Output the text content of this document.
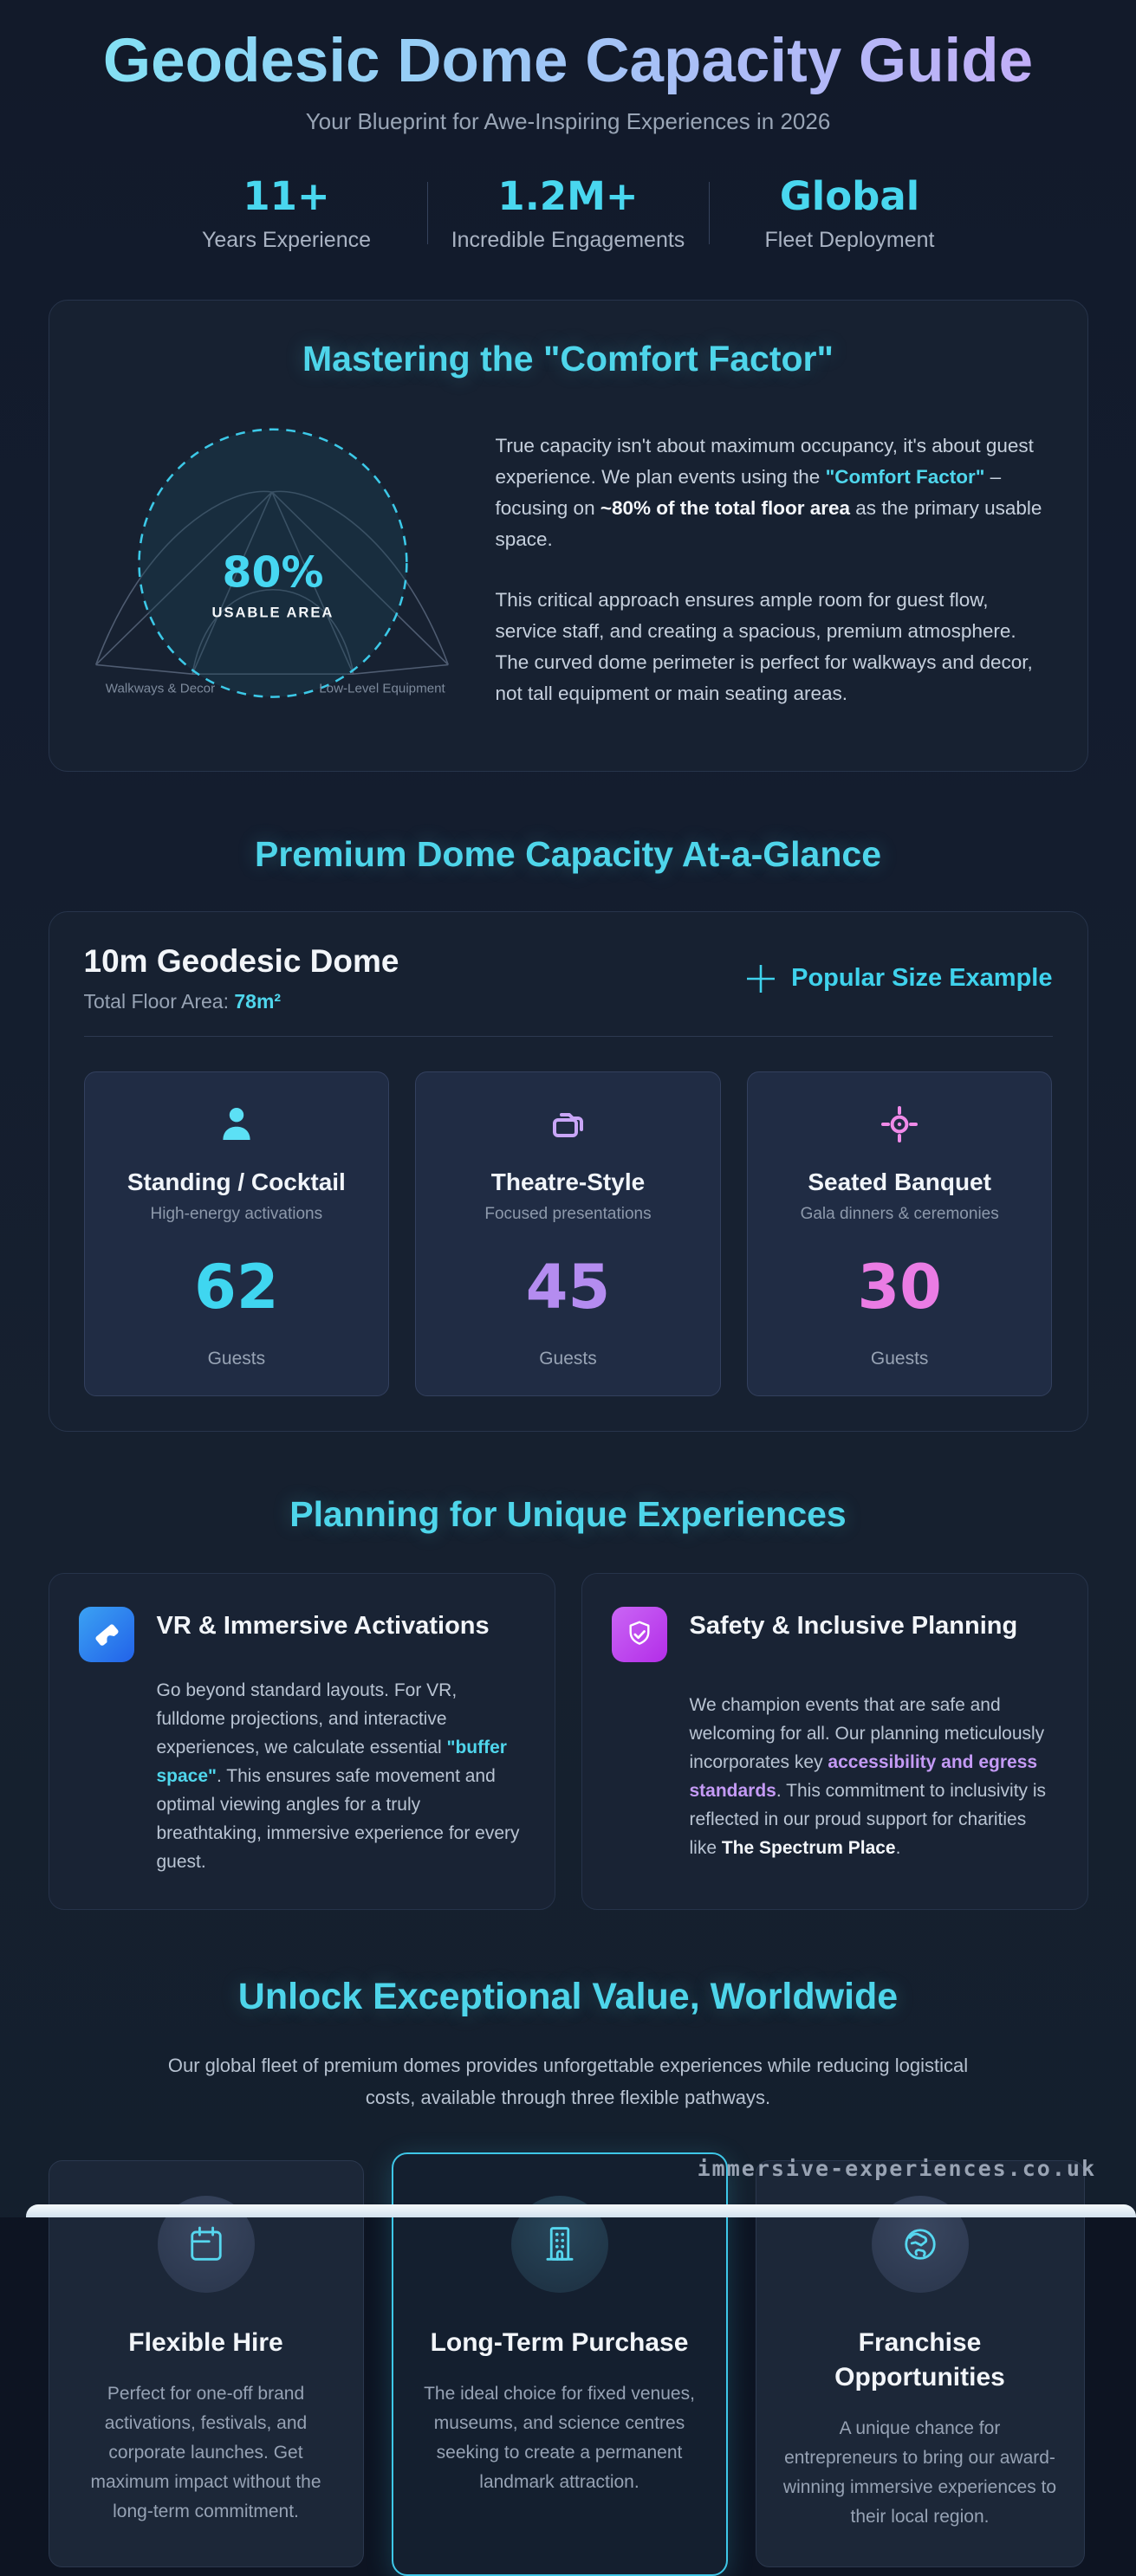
Geodesic Dome Capacity Guide
Your Blueprint for Awe-Inspiring Experiences in 2026
11+
Years Experience
1.2M+
Incredible Engagements
Global
Fleet Deployment
Mastering the "Comfort Factor"
80%
USABLE AREA
Walkways & Decor	Low-Level Equipment

True capacity isn't about maximum occupancy, it's about guest experience. We plan events using the "Comfort Factor" – focusing on ~80% of the total floor area as the primary usable space.

This critical approach ensures ample room for guest flow, service staff, and creating a spacious, premium atmosphere. The curved dome perimeter is perfect for walkways and decor, not tall equipment or main seating areas.

Premium Dome Capacity At-a-Glance
10m Geodesic Dome
Total Floor Area: 78m²
Popular Size Example
Standing / Cocktail
High-energy activations
62
Guests
Theatre-Style
Focused presentations
45
Guests
Seated Banquet
Gala dinners & ceremonies
30
Guests
Planning for Unique Experiences
VR & Immersive Activations
Go beyond standard layouts. For VR, fulldome projections, and interactive experiences, we calculate essential "buffer space". This ensures safe movement and optimal viewing angles for a truly breathtaking, immersive experience for every guest.
Safety & Inclusive Planning
We champion events that are safe and welcoming for all. Our planning meticulously incorporates key accessibility and egress standards. This commitment to inclusivity is reflected in our proud support for charities like The Spectrum Place.
Unlock Exceptional Value, Worldwide
Our global fleet of premium domes provides unforgettable experiences while reducing logistical costs, available through three flexible pathways.
Flexible Hire
Perfect for one-off brand activations, festivals, and corporate launches. Get maximum impact without the long-term commitment.
Long-Term Purchase
The ideal choice for fixed venues, museums, and science centres seeking to create a permanent landmark attraction.
Franchise Opportunities
A unique chance for entrepreneurs to bring our award-winning immersive experiences to their local region.
immersive-experiences.co.uk
